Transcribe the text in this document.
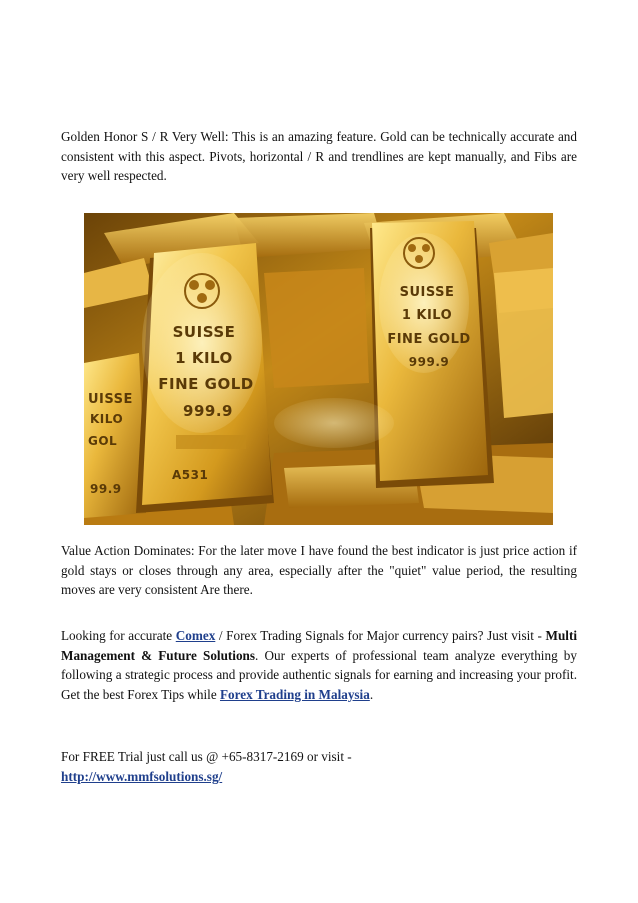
Golden Honor S / R Very Well: This is an amazing feature. Gold can be technically accurate and consistent with this aspect. Pivots, horizontal / R and trendlines are kept manually, and Fibs are very well respected.

UISSE
KILO
GOL
99.9
SUISSE
1 KILO
FINE GOLD
999.9
A531
SUISSE
1 KILO
FINE GOLD
999.9

Value Action Dominates: For the later move I have found the best indicator is just price action if gold stays or closes through any area, especially after the "quiet" value period, the resulting moves are very consistent Are there.

Looking for accurate Comex / Forex Trading Signals for Major currency pairs? Just visit - Multi Management & Future Solutions. Our experts of professional team analyze everything by following a strategic process and provide authentic signals for earning and increasing your profit. Get the best Forex Tips while Forex Trading in Malaysia.

For FREE Trial just call us @ +65-8317-2169 or visit -
http://www.mmfsolutions.sg/
